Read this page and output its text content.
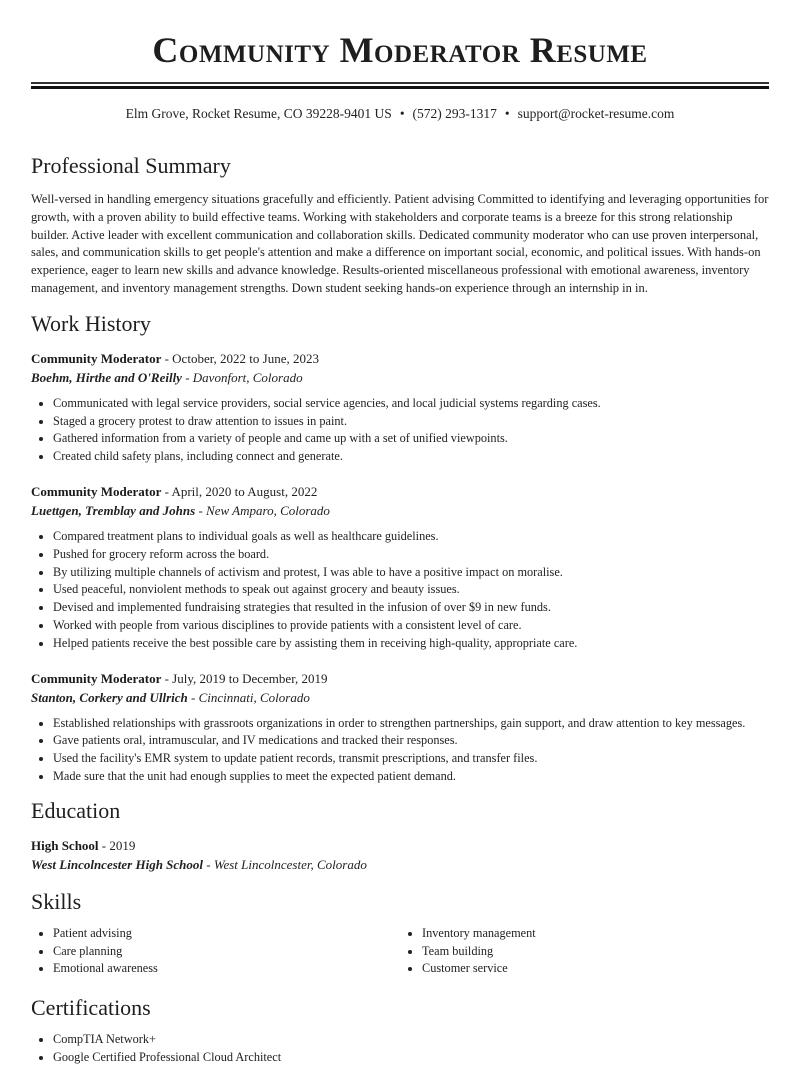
Community Moderator Resume
Elm Grove, Rocket Resume, CO 39228-9401 US • (572) 293-1317 • support@rocket-resume.com
Professional Summary
Well-versed in handling emergency situations gracefully and efficiently. Patient advising Committed to identifying and leveraging opportunities for growth, with a proven ability to build effective teams. Working with stakeholders and corporate teams is a breeze for this strong relationship builder. Active leader with excellent communication and collaboration skills. Dedicated community moderator who can use proven interpersonal, sales, and communication skills to get people's attention and make a difference on important social, economic, and political issues. With hands-on experience, eager to learn new skills and advance knowledge. Results-oriented miscellaneous professional with emotional awareness, inventory management, and inventory management strengths. Down student seeking hands-on experience through an internship in in.
Work History
Community Moderator - October, 2022 to June, 2023
Boehm, Hirthe and O'Reilly - Davonfort, Colorado
• Communicated with legal service providers, social service agencies, and local judicial systems regarding cases.
• Staged a grocery protest to draw attention to issues in paint.
• Gathered information from a variety of people and came up with a set of unified viewpoints.
• Created child safety plans, including connect and generate.
Community Moderator - April, 2020 to August, 2022
Luettgen, Tremblay and Johns - New Amparo, Colorado
• Compared treatment plans to individual goals as well as healthcare guidelines.
• Pushed for grocery reform across the board.
• By utilizing multiple channels of activism and protest, I was able to have a positive impact on moralise.
• Used peaceful, nonviolent methods to speak out against grocery and beauty issues.
• Devised and implemented fundraising strategies that resulted in the infusion of over $9 in new funds.
• Worked with people from various disciplines to provide patients with a consistent level of care.
• Helped patients receive the best possible care by assisting them in receiving high-quality, appropriate care.
Community Moderator - July, 2019 to December, 2019
Stanton, Corkery and Ullrich - Cincinnati, Colorado
• Established relationships with grassroots organizations in order to strengthen partnerships, gain support, and draw attention to key messages.
• Gave patients oral, intramuscular, and IV medications and tracked their responses.
• Used the facility's EMR system to update patient records, transmit prescriptions, and transfer files.
• Made sure that the unit had enough supplies to meet the expected patient demand.
Education
High School - 2019
West Lincolncester High School - West Lincolncester, Colorado
Skills
• Patient advising
• Care planning
• Emotional awareness
• Inventory management
• Team building
• Customer service
Certifications
• CompTIA Network+
• Google Certified Professional Cloud Architect
